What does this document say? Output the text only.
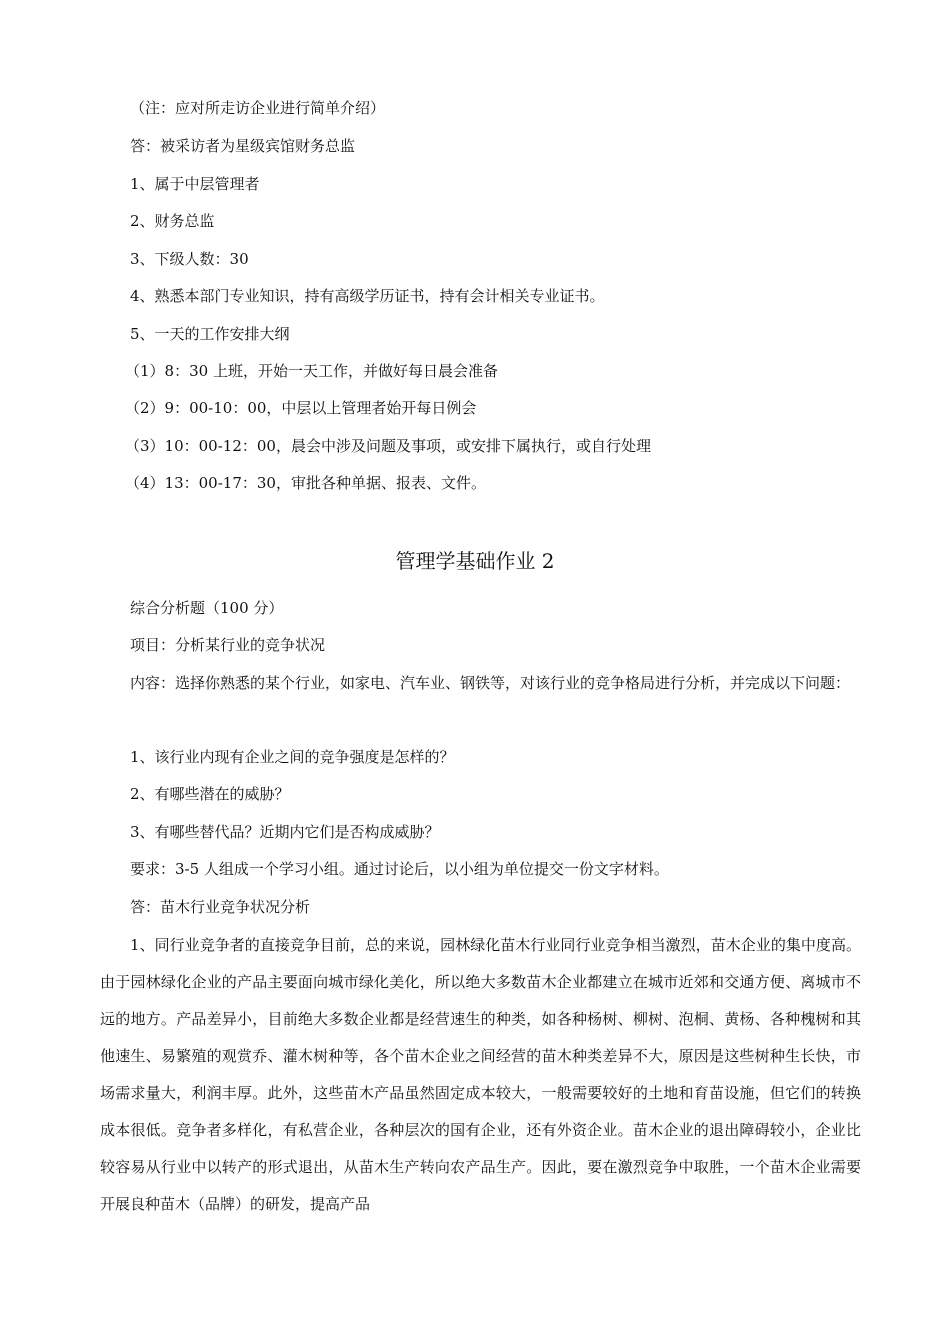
（注：应对所走访企业进行简单介绍）
答：被采访者为星级宾馆财务总监
1、属于中层管理者
2、财务总监
3、下级人数：30
4、熟悉本部门专业知识，持有高级学历证书，持有会计相关专业证书。
5、一天的工作安排大纲
（1）8：30 上班，开始一天工作，并做好每日晨会准备
（2）9：00-10：00，中层以上管理者始开每日例会
（3）10：00-12：00，晨会中涉及问题及事项，或安排下属执行，或自行处理
（4）13：00-17：30，审批各种单据、报表、文件。
管理学基础作业 2
综合分析题（100 分）
项目：分析某行业的竞争状况
内容：选择你熟悉的某个行业，如家电、汽车业、钢铁等，对该行业的竞争格局进行分析，并完成以下问题：
1、该行业内现有企业之间的竞争强度是怎样的？
2、有哪些潜在的威胁？
3、有哪些替代品？近期内它们是否构成威胁？
要求：3-5 人组成一个学习小组。通过讨论后，以小组为单位提交一份文字材料。
答：苗木行业竞争状况分析
1、同行业竞争者的直接竞争目前，总的来说，园林绿化苗木行业同行业竞争相当激烈，苗木企业的集中度高。由于园林绿化企业的产品主要面向城市绿化美化，所以绝大多数苗木企业都建立在城市近郊和交通方便、离城市不远的地方。产品差异小，目前绝大多数企业都是经营速生的种类，如各种杨树、柳树、泡桐、黄杨、各种槐树和其他速生、易繁殖的观赏乔、灌木树种等，各个苗木企业之间经营的苗木种类差异不大，原因是这些树种生长快，市场需求量大，利润丰厚。此外，这些苗木产品虽然固定成本较大，一般需要较好的土地和育苗设施，但它们的转换成本很低。竞争者多样化，有私营企业，各种层次的国有企业，还有外资企业。苗木企业的退出障碍较小，企业比较容易从行业中以转产的形式退出，从苗木生产转向农产品生产。因此，要在激烈竞争中取胜，一个苗木企业需要开展良种苗木（品牌）的研发，提高产品
